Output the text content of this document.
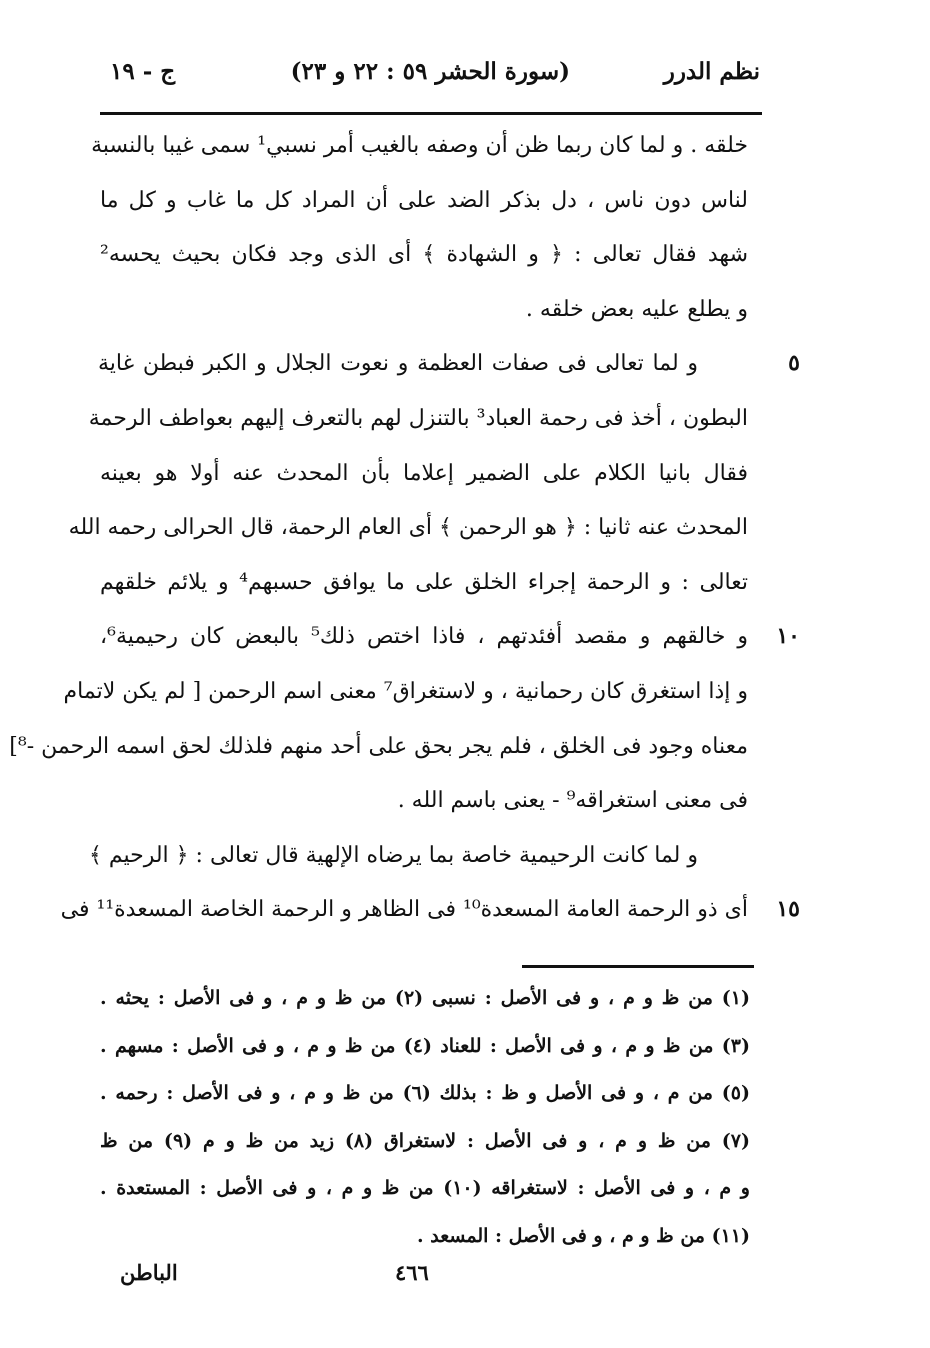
نظم الدرر
(سورة الحشر ٥٩ : ٢٢ و ٢٣)
ج - ١٩
خلقه . و لما كان ربما ظن أن وصفه بالغيب أمر نسبي¹ سمى غيبا بالنسبة
لناس دون ناس ، دل بذكر الضد على أن المراد كل ما غاب و كل ما
شهد فقال تعالى : ﴿ و الشهادة ﴾ أى الذى وجد فكان بحيث يحسه²
و يطلع عليه بعض خلقه .
٥
و لما تعالى فى صفات العظمة و نعوت الجلال و الكبر فبطن غاية
البطون ، أخذ فى رحمة العباد³ بالتنزل لهم بالتعرف إليهم بعواطف الرحمة
فقال بانيا الكلام على الضمير إعلاما بأن المحدث عنه أولا هو بعينه
المحدث عنه ثانيا : ﴿ هو الرحمن ﴾ أى العام الرحمة، قال الحرالى رحمه الله
تعالى : و الرحمة إجراء الخلق على ما يوافق حسبهم⁴ و يلائم خلقهم
١٠
و خالقهم و مقصد أفئدتهم ، فاذا اختص ذلك⁵ بالبعض كان رحيمية⁶،
و إذا استغرق كان رحمانية ، و لاستغراق⁷ معنى اسم الرحمن [ لم يكن لاتمام
معناه وجود فى الخلق ، فلم يجر بحق على أحد منهم فلذلك لحق اسمه الرحمن -⁸]
فى معنى استغراقه⁹ - يعنى باسم الله .
و لما كانت الرحيمية خاصة بما يرضاه الإلهية قال تعالى : ﴿ الرحيم ﴾
١٥
أى ذو الرحمة العامة المسعدة¹⁰ فى الظاهر و الرحمة الخاصة المسعدة¹¹ فى
(١) من ظ و م ، و فى الأصل : نسبى (٢) من ظ و م ، و فى الأصل : يحثه .
(٣) من ظ و م ، و فى الأصل : للعناد (٤) من ظ و م ، و فى الأصل : مسهم .
(٥) من م ، و فى الأصل و ظ : بذلك (٦) من ظ و م ، و فى الأصل : رحمه .
(٧) من ظ و م ، و فى الأصل : لاستغراق (٨) زيد من ظ و م (٩) من ظ
و م ، و فى الأصل : لاستغراقه (١٠) من ظ و م ، و فى الأصل : المستعدة .
(١١) من ظ و م ، و فى الأصل : المسعد .
٤٦٦
الباطن
